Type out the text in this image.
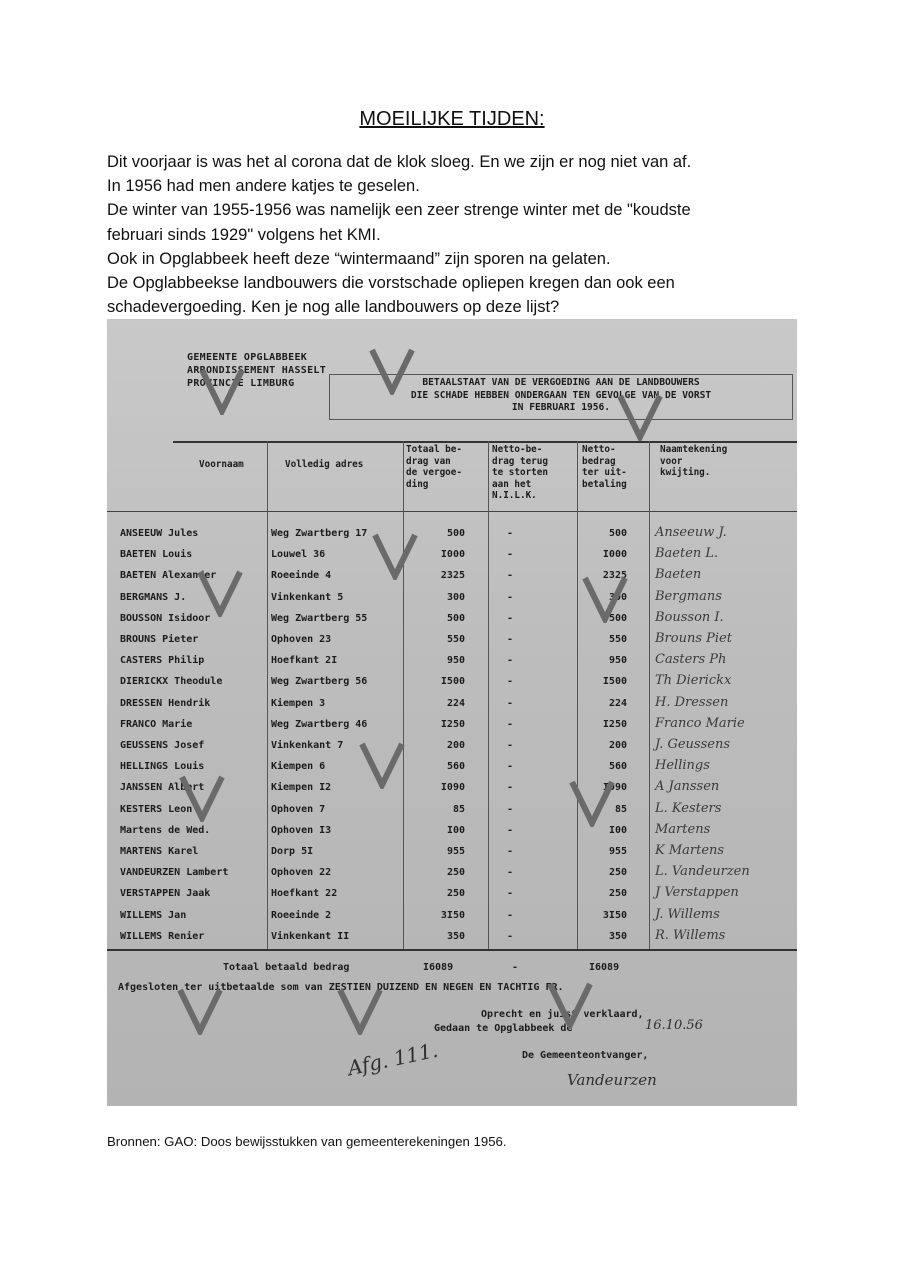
MOEILIJKE TIJDEN:

Dit voorjaar is was het al corona dat de klok sloeg. En we zijn er nog niet van af.

In 1956 had men andere katjes te geselen.

De winter van 1955-1956 was namelijk een zeer strenge winter met de "koudste

februari sinds 1929" volgens het KMI.

Ook in Opglabbeek heeft deze “wintermaand” zijn sporen na gelaten.

De Opglabbeekse landbouwers die vorstschade opliepen kregen dan ook een

schadevergoeding. Ken je nog alle landbouwers op deze lijst?

GEMEENTE OPGLABBEEK
ARRONDISSEMENT HASSELT
PROVINCIE LIMBURG	BETAALSTAAT VAN DE VERGOEDING AAN DE LANDBOUWERS
DIE SCHADE HEBBEN ONDERGAAN TEN GEVOLGE VAN DE VORST
IN FEBRUARI 1956.
Voornaam	Volledig adres
Totaal be-
drag van
de vergoe-
ding
Netto-be-
drag terug
te storten
aan het
N.I.L.K.
Netto-
bedrag
ter uit-
betaling
Naamtekening
voor
kwijting.
ANSEEUW Jules	Weg Zwartberg 17	500	-	500 Anseeuw J.
BAETEN Louis	Louwel 36	I000	-	I000 Baeten L.
BAETEN Alexander	Roeeinde 4	2325	-	2325 Baeten
BERGMANS J.	Vinkenkant 5	300	-	300 Bergmans
BOUSSON Isidoor	Weg Zwartberg 55	500	-	500 Bousson I.
BROUNS Pieter	Ophoven 23	550	-	550 Brouns Piet
CASTERS Philip	Hoefkant 2I	950	-	950 Casters Ph
DIERICKX Theodule	Weg Zwartberg 56	I500	-	I500 Th Dierickx
DRESSEN Hendrik	Kiempen 3	224	-	224 H. Dressen
FRANCO Marie	Weg Zwartberg 46	I250	-	I250 Franco Marie
GEUSSENS Josef	Vinkenkant 7	200	-	200 J. Geussens
HELLINGS Louis	Kiempen 6	560	-	560 Hellings
JANSSEN Albert	Kiempen I2	I090	-	I090 A Janssen
KESTERS Leon	Ophoven 7	85	-	85 L. Kesters
Martens de Wed.	Ophoven I3	I00	-	I00 Martens
MARTENS Karel	Dorp 5I	955	-	955 K Martens
VANDEURZEN Lambert	Ophoven 22	250	-	250 L. Vandeurzen
VERSTAPPEN Jaak	Hoefkant 22	250	-	250 J Verstappen
WILLEMS Jan	Roeeinde 2	3I50	-	3I50 J. Willems
WILLEMS Renier	Vinkenkant II	350	-	350 R. Willems
Totaal betaald bedrag	I6089	-	I6089
Afgesloten ter uitbetaalde som van ZESTIEN DUIZEND EN NEGEN EN TACHTIG FR.
Oprecht en juist verklaard,
Gedaan te Opglabbeek de	16.10.56
De Gemeenteontvanger,
Afg. 111.	Vandeurzen
Bronnen: GAO: Doos bewijsstukken van gemeenterekeningen 1956.
